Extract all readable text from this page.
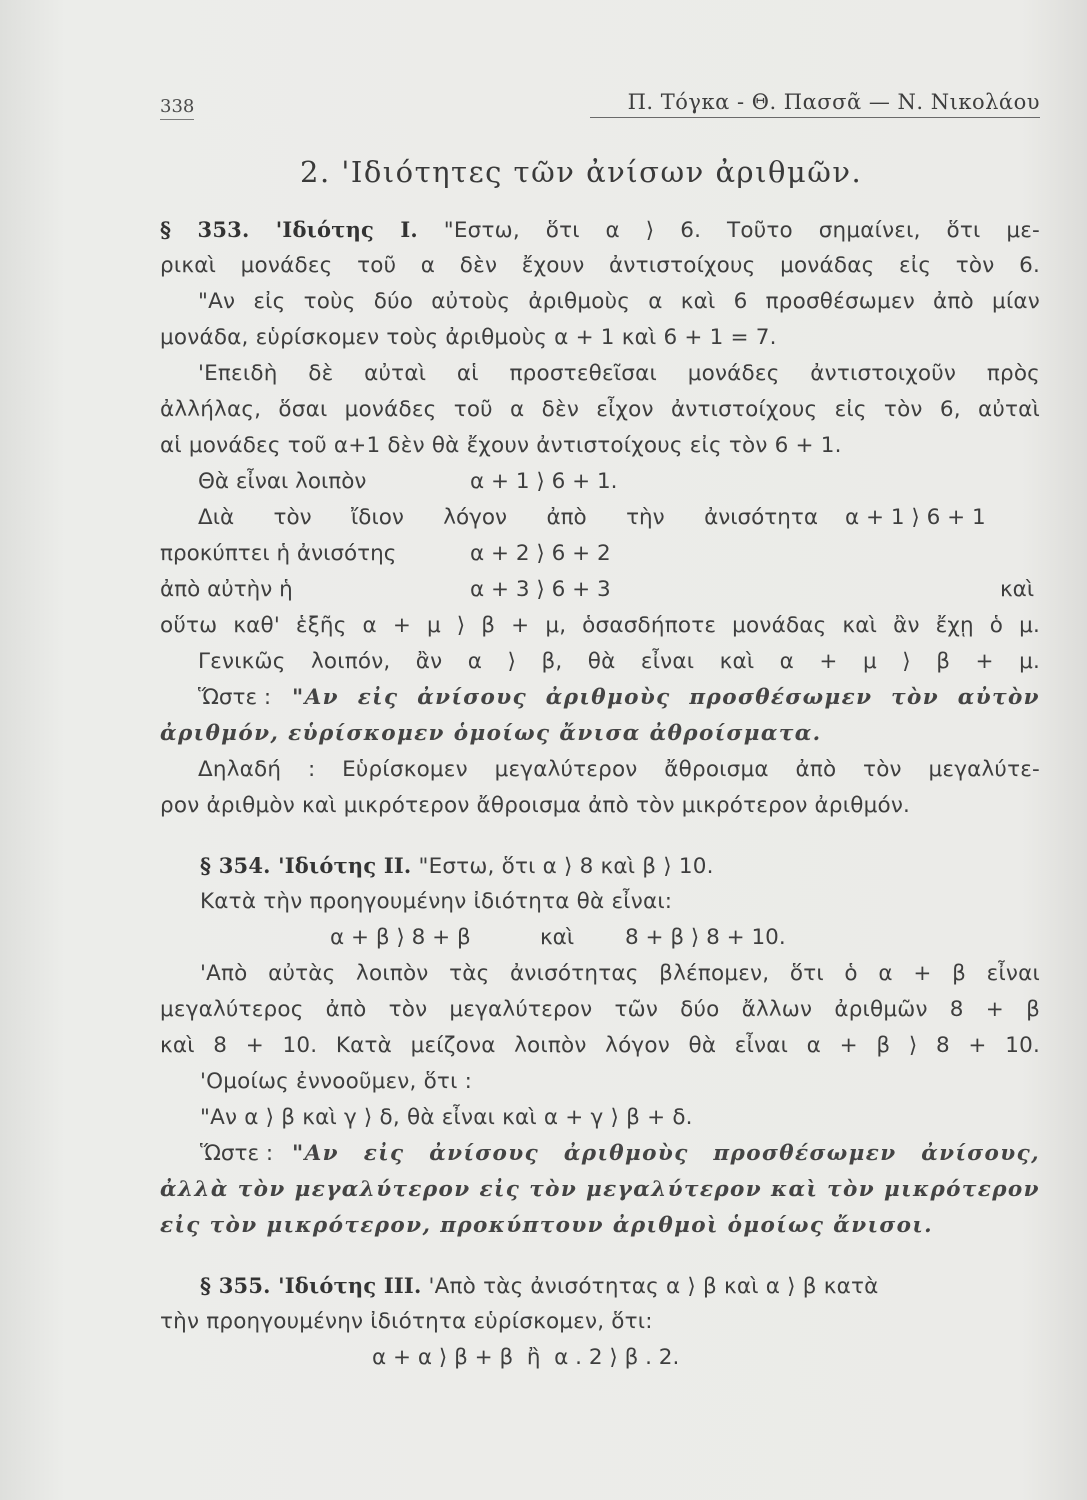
338	Π. Τόγκα - Θ. Πασσᾶ — Ν. Νικολάου
2. 'Ιδιότητες τῶν ἀνίσων ἀριθμῶν.
§ 353. 'Ιδιότης Ι. "Εστω, ὅτι α ⟩ 6. Τοῦτο σημαίνει, ὅτι με-
ρικαὶ μονάδες τοῦ α δὲν ἔχουν ἀντιστοίχους μονάδας εἰς τὸν 6.
"Αν εἰς τοὺς δύο αὐτοὺς ἀριθμοὺς α καὶ 6 προσθέσωμεν ἀπὸ μίαν
μονάδα, εὑρίσκομεν τοὺς ἀριθμοὺς α + 1 καὶ 6 + 1 = 7.
'Επειδὴ δὲ αὐταὶ αἱ προστεθεῖσαι μονάδες ἀντιστοιχοῦν πρὸς
ἀλλήλας, ὅσαι μονάδες τοῦ α δὲν εἶχον ἀντιστοίχους εἰς τὸν 6, αὐταὶ
αἱ μονάδες τοῦ α+1 δὲν θὰ ἔχουν ἀντιστοίχους εἰς τὸν 6 + 1.
Θὰ εἶναι λοιπὸν	α + 1 ⟩ 6 + 1.
Διὰ τὸν ἴδιον λόγον ἀπὸ τὴν ἀνισότητα α + 1 ⟩ 6 + 1
προκύπτει ἡ ἀνισότης	α + 2 ⟩ 6 + 2
ἀπὸ αὐτὴν ἡ	α + 3 ⟩ 6 + 3	καὶ
οὕτω καθ' ἑξῆς α + μ ⟩ β + μ, ὁσασδήποτε μονάδας καὶ ἂν ἔχῃ ὁ μ.
Γενικῶς λοιπόν, ἂν α ⟩ β, θὰ εἶναι καὶ α + μ ⟩ β + μ.
Ὥστε : "Αν εἰς ἀνίσους ἀριθμοὺς προσθέσωμεν τὸν αὐτὸν
ἀριθμόν, εὑρίσκομεν ὁμοίως ἄνισα ἀθροίσματα.
Δηλαδή : Εὑρίσκομεν μεγαλύτερον ἄθροισμα ἀπὸ τὸν μεγαλύτε-
ρον ἀριθμὸν καὶ μικρότερον ἄθροισμα ἀπὸ τὸν μικρότερον ἀριθμόν.
§ 354. 'Ιδιότης ΙΙ. "Εστω, ὅτι α ⟩ 8 καὶ β ⟩ 10.
Κατὰ τὴν προηγουμένην ἰδιότητα θὰ εἶναι:
α + β ⟩ 8 + β	καὶ 8 + β ⟩ 8 + 10.
'Απὸ αὐτὰς λοιπὸν τὰς ἀνισότητας βλέπομεν, ὅτι ὁ α + β εἶναι
μεγαλύτερος ἀπὸ τὸν μεγαλύτερον τῶν δύο ἄλλων ἀριθμῶν 8 + β
καὶ 8 + 10. Κατὰ μείζονα λοιπὸν λόγον θὰ εἶναι α + β ⟩ 8 + 10.
'Ομοίως ἐννοοῦμεν, ὅτι :
"Αν α ⟩ β καὶ γ ⟩ δ, θὰ εἶναι καὶ α + γ ⟩ β + δ.
Ὥστε : "Αν εἰς ἀνίσους ἀριθμοὺς προσθέσωμεν ἀνίσους,
ἀλλὰ τὸν μεγαλύτερον εἰς τὸν μεγαλύτερον καὶ τὸν μικρότερον
εἰς τὸν μικρότερον, προκύπτουν ἀριθμοὶ ὁμοίως ἄνισοι.
§ 355. 'Ιδιότης ΙΙΙ. 'Απὸ τὰς ἀνισότητας α ⟩ β καὶ α ⟩ β κατὰ
τὴν προηγουμένην ἰδιότητα εὑρίσκομεν, ὅτι:
α + α ⟩ β + β  ἢ  α . 2 ⟩ β . 2.
